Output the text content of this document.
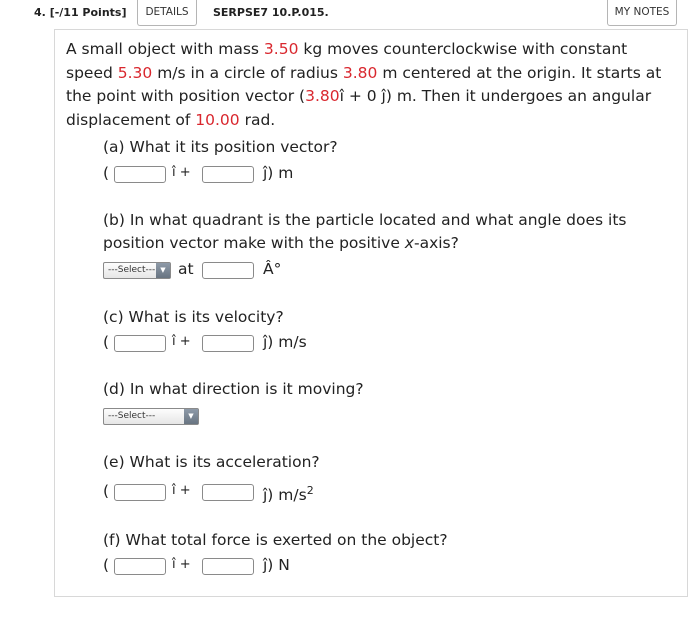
4. [-/11 Points]	DETAILS	SERPSE7 10.P.015.	MY NOTES
A small object with mass 3.50 kg moves counterclockwise with constant speed 5.30 m/s in a circle of radius 3.80 m centered at the origin. It starts at the point with position vector (3.80î + 0 ĵ) m. Then it undergoes an angular displacement of 10.00 rad.
(a) What it its position vector?
(	î +	ĵ) m
(b) In what quadrant is the particle located and what angle does its
position vector make with the positive x-axis?
---Select--- ▼ at	Â°
(c) What is its velocity?
(	î +	ĵ) m/s
(d) In what direction is it moving?
---Select---	▼
(e) What is its acceleration?
(	î +	ĵ) $m/s^2$
(f) What total force is exerted on the object?
(	î +	ĵ) N
